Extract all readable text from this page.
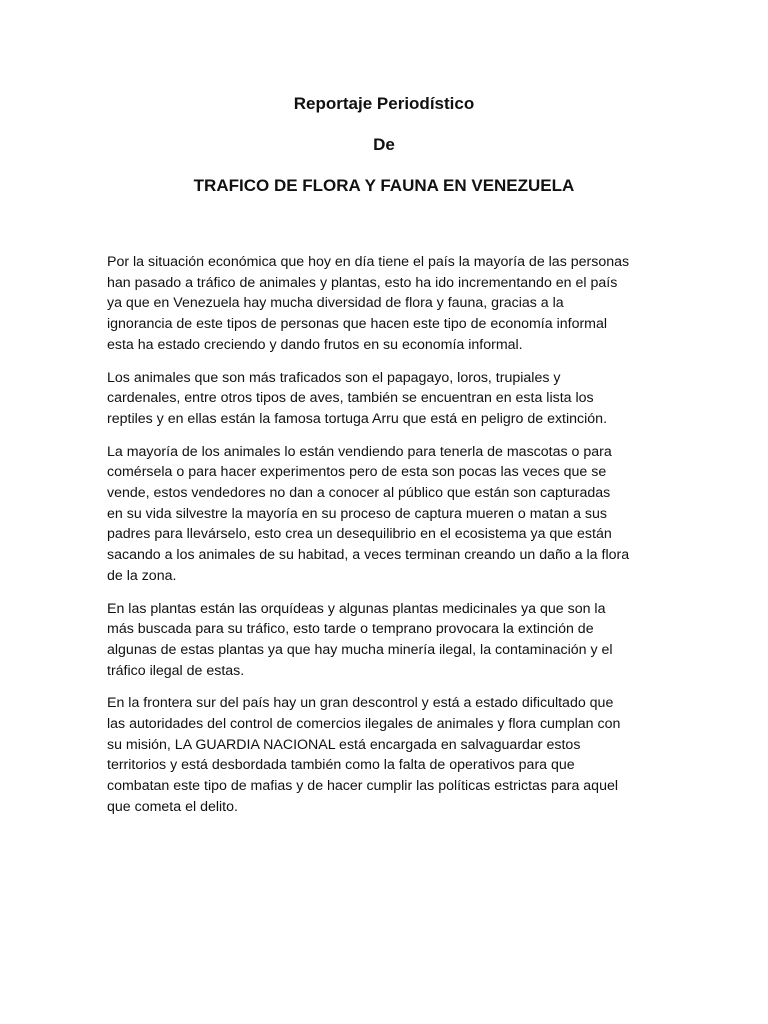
Reportaje Periodístico
De
TRAFICO DE FLORA Y FAUNA EN VENEZUELA

Por la situación económica que hoy en día tiene el país la mayoría de las personas
han pasado a tráfico de animales y plantas, esto ha ido incrementando en el país
ya que en Venezuela hay mucha diversidad de flora y fauna, gracias a la
ignorancia de este tipos de personas que hacen este tipo de economía informal
esta ha estado creciendo y dando frutos en su economía informal.

Los animales que son más traficados son el papagayo, loros, trupiales y
cardenales, entre otros tipos de aves, también se encuentran en esta lista los
reptiles y en ellas están la famosa tortuga Arru que está en peligro de extinción.

La mayoría de los animales lo están vendiendo para tenerla de mascotas o para
comérsela o para hacer experimentos pero de esta son pocas las veces que se
vende, estos vendedores no dan a conocer al público que están son capturadas
en su vida silvestre la mayoría en su proceso de captura mueren o matan a sus
padres para llevárselo, esto crea un desequilibrio en el ecosistema ya que están
sacando a los animales de su habitad, a veces terminan creando un daño a la flora
de la zona.

En las plantas están las orquídeas y algunas plantas medicinales ya que son la
más buscada para su tráfico, esto tarde o temprano provocara la extinción de
algunas de estas plantas ya que hay mucha minería ilegal, la contaminación y el
tráfico ilegal de estas.

En la frontera sur del país hay un gran descontrol y está a estado dificultado que
las autoridades del control de comercios ilegales de animales y flora cumplan con
su misión, LA GUARDIA NACIONAL está encargada en salvaguardar estos
territorios y está desbordada también como la falta de operativos para que
combatan este tipo de mafias y de hacer cumplir las políticas estrictas para aquel
que cometa el delito.
